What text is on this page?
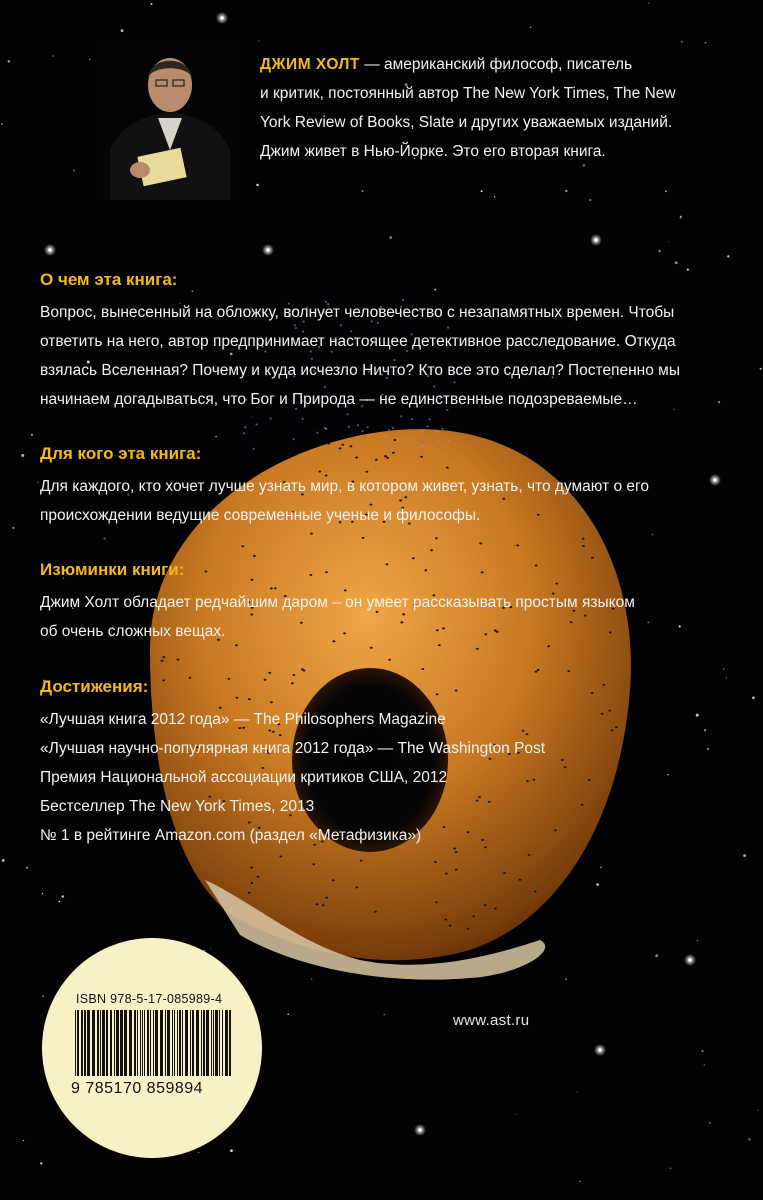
ДЖИМ ХОЛТ — американский философ, писатель
и критик, постоянный автор The New York Times, The New
York Review of Books, Slate и других уважаемых изданий.
Джим живет в Нью-Йорке. Это его вторая книга.
О чем эта книга:
Вопрос, вынесенный на обложку, волнует человечество с незапамятных времен. Чтобы
ответить на него, автор предпринимает настоящее детективное расследование. Откуда
взялась Вселенная? Почему и куда исчезло Ничто? Кто все это сделал? Постепенно мы
начинаем догадываться, что Бог и Природа — не единственные подозреваемые…
Для кого эта книга:
Для каждого, кто хочет лучше узнать мир, в котором живет, узнать, что думают о его
происхождении ведущие современные ученые и философы.
Изюминки книги:
Джим Холт обладает редчайшим даром – он умеет рассказывать простым языком
об очень сложных вещах.
Достижения:
«Лучшая книга 2012 года» — The Philosophers Magazine
«Лучшая научно-популярная книга 2012 года» — The Washington Post
Премия Национальной ассоциации критиков США, 2012
Бестселлер The New York Times, 2013
№ 1 в рейтинге Amazon.com (раздел «Метафизика»)
www.ast.ru
ISBN 978-5-17-085989-4
9 785170 859894
